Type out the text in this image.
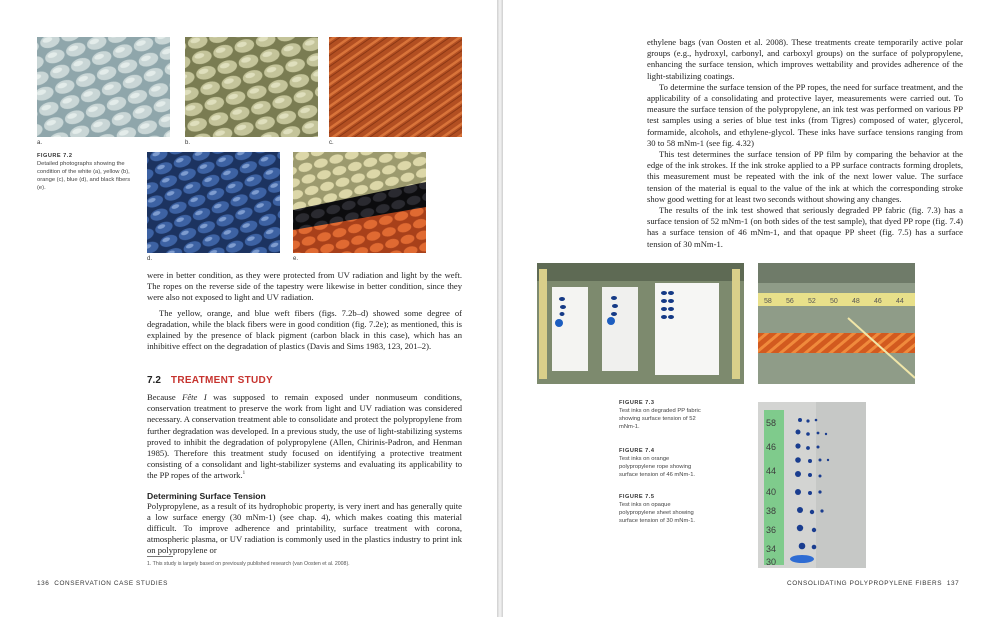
a.	b.	c.

FIGURE 7.2

Detailed photographs showing the condition of the white (a), yellow (b), orange (c), blue (d), and black fibers (e).

d.	e.

were in better condition, as they were protected from UV radiation and light by the weft. The ropes on the reverse side of the tapestry were likewise in better condition, since they were also not exposed to light and UV radiation.

The yellow, orange, and blue weft fibers (figs. 7.2b–d) showed some degree of degradation, while the black fibers were in good condition (fig. 7.2e); as mentioned, this is explained by the presence of black pigment (carbon black in this case), which has an inhibitive effect on the degradation of plastics (Davis and Sims 1983, 123, 201–2).

7.2 TREATMENT STUDY

Because Fête I was supposed to remain exposed under nonmuseum conditions, conservation treatment to preserve the work from light and UV radiation was considered necessary. A conservation treatment able to consolidate and protect the polypropylene from further degradation was developed. In a previous study, the use of light-stabilizing systems proved to inhibit the degradation of polypropylene (Allen, Chirinis-Padron, and Henman 1985). Therefore this treatment study focused on identifying a protective treatment consisting of a consolidant and light-stabilizer systems and evaluating its applicability to the PP ropes of the artwork.$^1$

Determining Surface Tension

Polypropylene, as a result of its hydrophobic property, is very inert and has generally quite a low surface energy (30 mNm-1) (see chap. 4), which makes coating this material difficult. To improve adherence and printability, surface treatment with corona, atmospheric plasma, or UV radiation is commonly used in the plastics industry to print ink on polypropylene or

1. This study is largely based on previously published research (van Oosten et al. 2008).
136 CONSERVATION CASE STUDIES

ethylene bags (van Oosten et al. 2008). These treatments create temporarily active polar groups (e.g., hydroxyl, carbonyl, and carboxyl groups) on the surface of polypropylene, enhancing the surface tension, which improves wettability and provides adherence of the light-stabilizing coatings.

To determine the surface tension of the PP ropes, the need for surface treatment, and the applicability of a consolidating and protective layer, measurements were carried out. To measure the surface tension of the polypropylene, an ink test was performed on various PP test samples using a series of blue test inks (from Tigres) composed of water, glycerol, formamide, alcohols, and ethylene-glycol. These inks have surface tensions ranging from 30 to 58 mNm-1 (see fig. 4.32)

This test determines the surface tension of PP film by comparing the behavior at the edge of the ink strokes. If the ink stroke applied to a PP surface contracts forming droplets, this measurement must be repeated with the ink of the next lower value. The surface tension of the material is equal to the value of the ink at which the corresponding stroke show good wetting for at least two seconds without showing any changes.

The results of the ink test showed that seriously degraded PP fabric (fig. 7.3) has a surface tension of 52 mNm-1 (on both sides of the test sample), that dyed PP rope (fig. 7.4) has a surface tension of 46 mNm-1, and that opaque PP sheet (fig. 7.5) has a surface tension of 30 mNm-1.

58 56 52 50 48 46 44

FIGURE 7.3

Test inks on degraded PP fabric showing surface tension of 52 mNm-1.

FIGURE 7.4

Test inks on orange polypropylene rope showing surface tension of 46 mNm-1.

FIGURE 7.5

Test inks on opaque polypropylene sheet showing surface tension of 30 mNm-1.

58
46
44
40
38
36
34
30
CONSOLIDATING POLYPROPYLENE FIBERS 137
